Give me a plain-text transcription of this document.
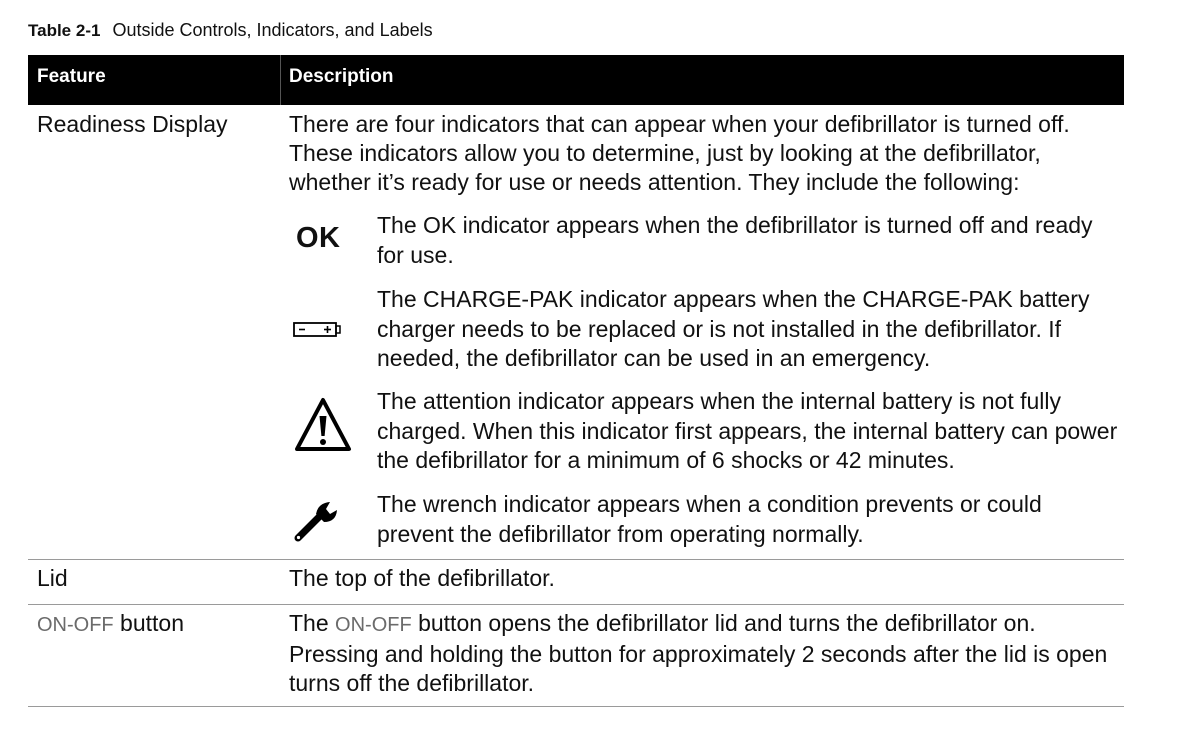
Table 2-1 Outside Controls, Indicators, and Labels
Feature	Description
Readiness Display	There are four indicators that can appear when your defibrillator is turned off. These indicators allow you to determine, just by looking at the defibrillator, whether it’s ready for use or needs attention. They include the following:
OK The OK indicator appears when the defibrillator is turned off and ready for use.
The CHARGE-PAK indicator appears when the CHARGE-PAK battery charger needs to be replaced or is not installed in the defibrillator. If needed, the defibrillator can be used in an emergency.
The attention indicator appears when the internal battery is not fully charged. When this indicator first appears, the internal battery can power the defibrillator for a minimum of 6 shocks or 42 minutes.
The wrench indicator appears when a condition prevents or could prevent the defibrillator from operating normally.
Lid	The top of the defibrillator.
ON-OFF button	The ON-OFF button opens the defibrillator lid and turns the defibrillator on. Pressing and holding the button for approximately 2 seconds after the lid is open turns off the defibrillator.
